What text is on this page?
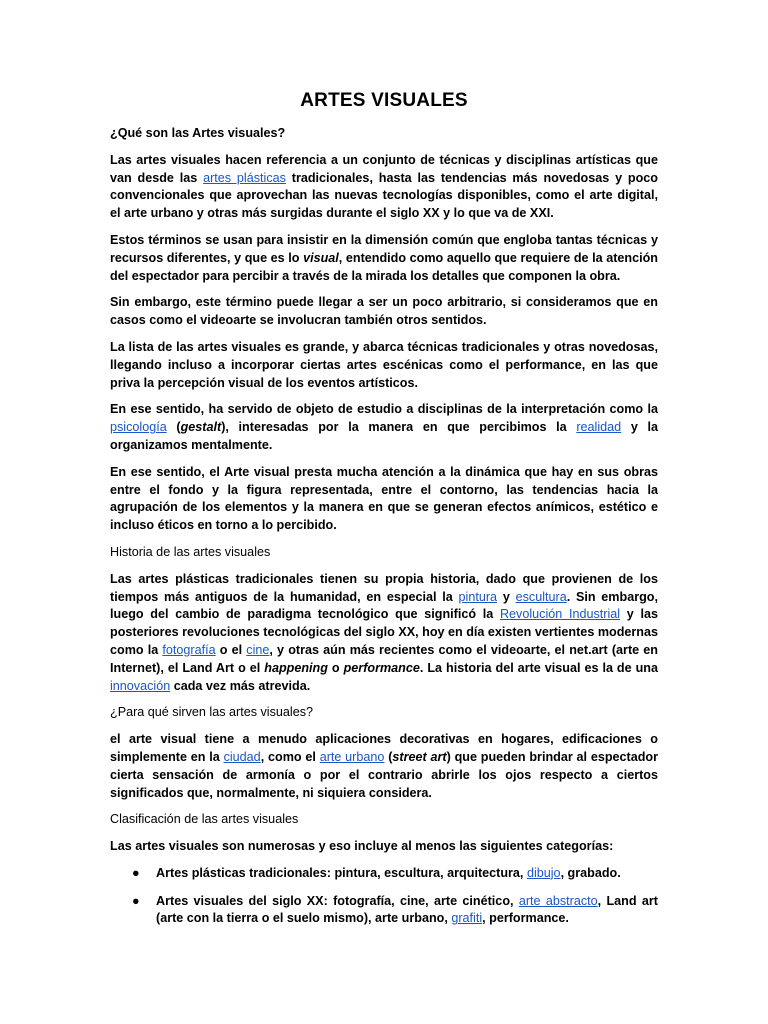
ARTES VISUALES

¿Qué son las Artes visuales?

Las artes visuales hacen referencia a un conjunto de técnicas y disciplinas artísticas que van desde las artes plásticas tradicionales, hasta las tendencias más novedosas y poco convencionales que aprovechan las nuevas tecnologías disponibles, como el arte digital, el arte urbano y otras más surgidas durante el siglo XX y lo que va de XXI.

Estos términos se usan para insistir en la dimensión común que engloba tantas técnicas y recursos diferentes, y que es lo visual, entendido como aquello que requiere de la atención del espectador para percibir a través de la mirada los detalles que componen la obra.

Sin embargo, este término puede llegar a ser un poco arbitrario, si consideramos que en casos como el videoarte se involucran también otros sentidos.

La lista de las artes visuales es grande, y abarca técnicas tradicionales y otras novedosas, llegando incluso a incorporar ciertas artes escénicas como el performance, en las que priva la percepción visual de los eventos artísticos.

En ese sentido, ha servido de objeto de estudio a disciplinas de la interpretación como la psicología (gestalt), interesadas por la manera en que percibimos la realidad y la organizamos mentalmente.

En ese sentido, el Arte visual presta mucha atención a la dinámica que hay en sus obras entre el fondo y la figura representada, entre el contorno, las tendencias hacia la agrupación de los elementos y la manera en que se generan efectos anímicos, estético e incluso éticos en torno a lo percibido.

Historia de las artes visuales

Las artes plásticas tradicionales tienen su propia historia, dado que provienen de los tiempos más antiguos de la humanidad, en especial la pintura y escultura. Sin embargo, luego del cambio de paradigma tecnológico que significó la Revolución Industrial y las posteriores revoluciones tecnológicas del siglo XX, hoy en día existen vertientes modernas como la fotografía o el cine, y otras aún más recientes como el videoarte, el net.art (arte en Internet), el Land Art o el happening o performance. La historia del arte visual es la de una innovación cada vez más atrevida.

¿Para qué sirven las artes visuales?

el arte visual tiene a menudo aplicaciones decorativas en hogares, edificaciones o simplemente en la ciudad, como el arte urbano (street art) que pueden brindar al espectador cierta sensación de armonía o por el contrario abrirle los ojos respecto a ciertos significados que, normalmente, ni siquiera considera.

Clasificación de las artes visuales

Las artes visuales son numerosas y eso incluye al menos las siguientes categorías:

● Artes plásticas tradicionales: pintura, escultura, arquitectura, dibujo, grabado.
● Artes visuales del siglo XX: fotografía, cine, arte cinético, arte abstracto, Land art (arte con la tierra o el suelo mismo), arte urbano, grafiti, performance.
